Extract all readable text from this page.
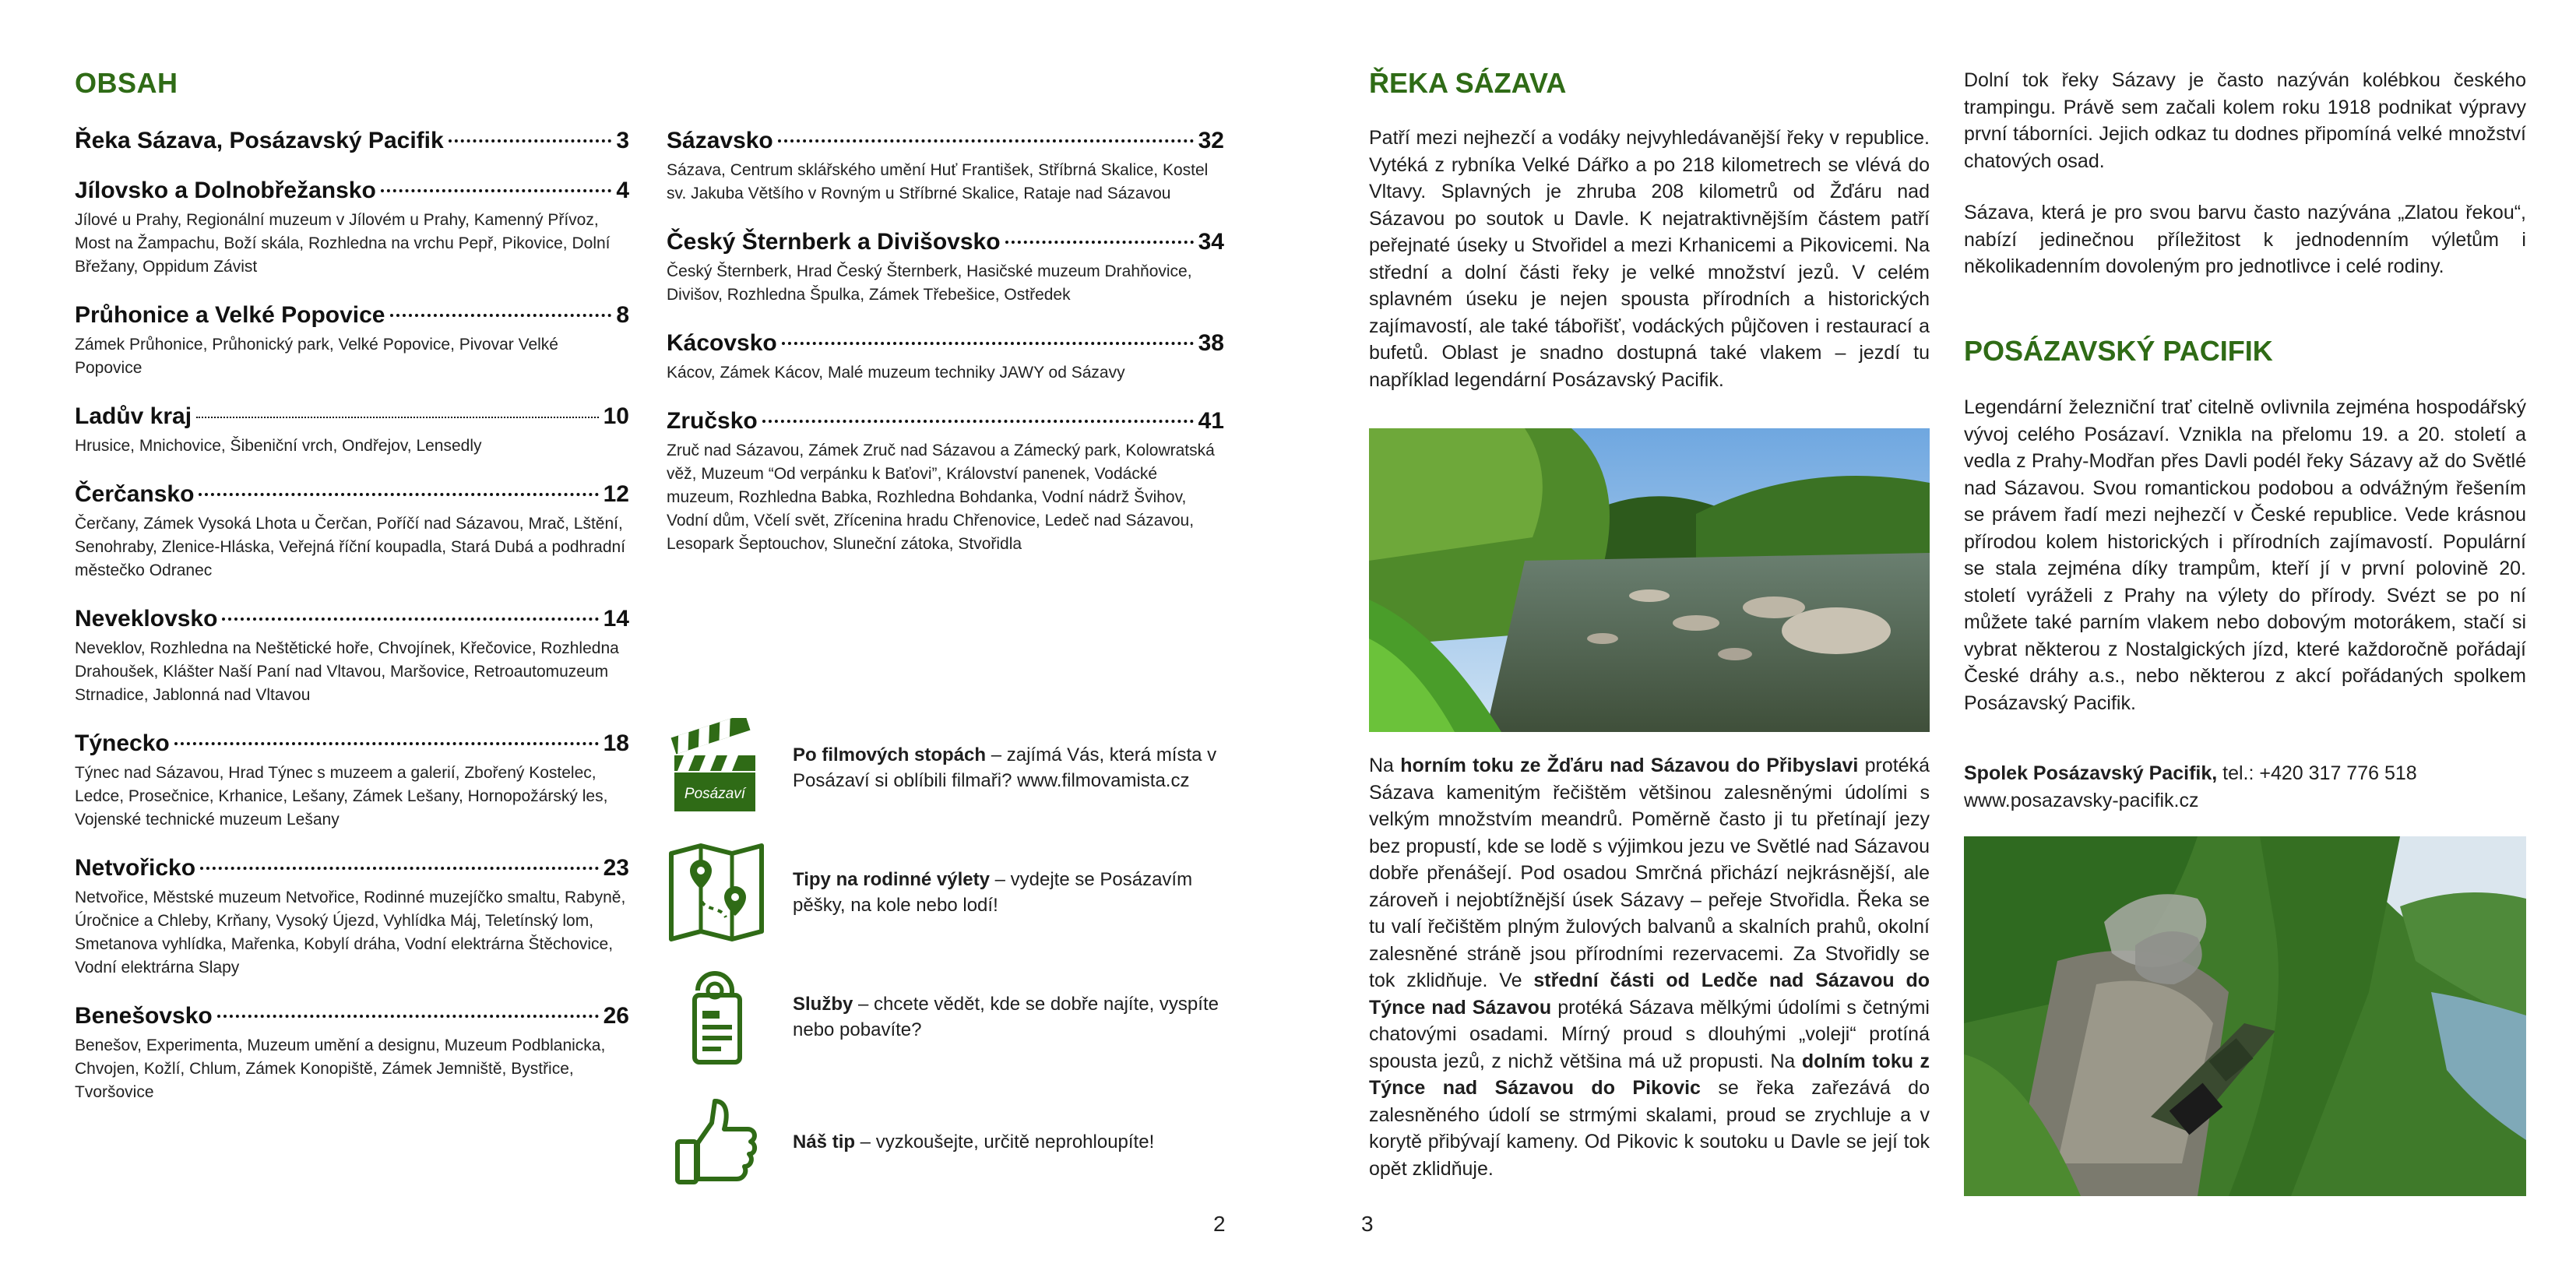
OBSAH
Řeka Sázava, Posázavský Pacifik	3
Jílovsko a Dolnobřežansko	4
Jílové u Prahy, Regionální muzeum v Jílovém u Prahy, Kamenný Přívoz, Most na Žampachu, Boží skála, Rozhledna na vrchu Pepř, Pikovice, Dolní Břežany, Oppidum Závist
Průhonice a Velké Popovice	8
Zámek Průhonice, Průhonický park, Velké Popovice, Pivovar Velké Popovice
Ladův kraj	10
Hrusice, Mnichovice, Šibeniční vrch, Ondřejov, Lensedly
Čerčansko	12
Čerčany, Zámek Vysoká Lhota u Čerčan, Poříčí nad Sázavou, Mrač, Lštění, Senohraby, Zlenice-Hláska, Veřejná říční koupadla, Stará Dubá a podhradní městečko Odranec
Neveklovsko	14
Neveklov, Rozhledna na Neštětické hoře, Chvojínek, Křečovice, Rozhledna Drahoušek, Klášter Naší Paní nad Vltavou, Maršovice, Retroautomuzeum Strnadice, Jablonná nad Vltavou
Týnecko	18
Týnec nad Sázavou, Hrad Týnec s muzeem a galerií, Zbořený Kostelec, Ledce, Prosečnice, Krhanice, Lešany, Zámek Lešany, Hornopožárský les, Vojenské technické muzeum Lešany
Netvořicko	23
Netvořice, Městské muzeum Netvořice, Rodinné muzejíčko smaltu, Rabyně, Úročnice a Chleby, Krňany, Vysoký Újezd, Vyhlídka Máj, Teletínský lom, Smetanova vyhlídka, Mařenka, Kobylí dráha, Vodní elektrárna Štěchovice, Vodní elektrárna Slapy
Benešovsko	26
Benešov, Experimenta, Muzeum umění a designu, Muzeum Podblanicka, Chvojen, Kožlí, Chlum, Zámek Konopiště, Zámek Jemniště, Bystřice, Tvoršovice
Sázavsko	32
Sázava, Centrum sklářského umění Huť František, Stříbrná Skalice, Kostel sv. Jakuba Většího v Rovným u Stříbrné Skalice, Rataje nad Sázavou
Český Šternberk a Divišovsko	34
Český Šternberk, Hrad Český Šternberk, Hasičské muzeum Drahňovice, Divišov, Rozhledna Špulka, Zámek Třebešice, Ostředek
Kácovsko	38
Kácov, Zámek Kácov, Malé muzeum techniky JAWY od Sázavy
Zručsko	41
Zruč nad Sázavou, Zámek Zruč nad Sázavou a Zámecký park, Kolowratská věž, Muzeum “Od verpánku k Baťovi”, Království panenek, Vodácké muzeum, Rozhledna Babka, Rozhledna Bohdanka, Vodní nádrž Švihov, Vodní dům, Včelí svět, Zřícenina hradu Chřenovice, Ledeč nad Sázavou, Lesopark Šeptouchov, Sluneční zátoka, Stvořidla
Posázaví
Po filmových stopách – zajímá Vás, která místa v Posázaví si oblíbili filmaři? www.filmovamista.cz
Tipy na rodinné výlety – vydejte se Posázavím pěšky, na kole nebo lodí!
Služby – chcete vědět, kde se dobře najíte, vyspíte nebo pobavíte?
Náš tip – vyzkoušejte, určitě neprohloupíte!
2
ŘEKA SÁZAVA

Patří mezi nejhezčí a vodáky nejvyhledávanější řeky v republice. Vytéká z rybníka Velké Dářko a po 218 kilometrech se vlévá do Vltavy. Splavných je zhruba 208 kilometrů od Žďáru nad Sázavou po soutok u Davle. K nejatraktivnějším částem patří peřejnaté úseky u Stvořidel a mezi Krhanicemi a Pikovicemi. Na střední a dolní části řeky je velké množství jezů. V celém splavném úseku je nejen spousta přírodních a historických zajímavostí, ale také tábořišť, vodáckých půjčoven i restaurací a bufetů. Oblast je snadno dostupná také vlakem – jezdí tu například legendární Posázavský Pacifik.

Na horním toku ze Žďáru nad Sázavou do Přibyslavi protéká Sázava kamenitým řečištěm většinou zalesněnými údolími s velkým množstvím meandrů. Poměrně často ji tu přetínají jezy bez propustí, kde se lodě s výjimkou jezu ve Světlé nad Sázavou dobře přenášejí. Pod osadou Smrčná přichází nejkrásnější, ale zároveň i nejobtížnější úsek Sázavy – peřeje Stvořidla. Řeka se tu valí řečištěm plným žulových balvanů a skalních prahů, okolní zalesněné stráně jsou přírodními rezervacemi. Za Stvořidly se tok zklidňuje. Ve střední části od Ledče nad Sázavou do Týnce nad Sázavou protéká Sázava mělkými údolími s četnými chatovými osadami. Mírný proud s dlouhými „voleji“ protíná spousta jezů, z nichž většina má už propusti. Na dolním toku z Týnce nad Sázavou do Pikovic se řeka zařezává do zalesněného údolí se strmými skalami, proud se zrychluje a v korytě přibývají kameny. Od Pikovic k soutoku u Davle se její tok opět zklidňuje.

Dolní tok řeky Sázavy je často nazýván kolébkou českého trampingu. Právě sem začali kolem roku 1918 podnikat výpravy první táborníci. Jejich odkaz tu dodnes připomíná velké množství chatových osad.

Sázava, která je pro svou barvu často nazývána „Zlatou řekou“, nabízí jedinečnou příležitost k jednodenním výletům i několikadenním dovoleným pro jednotlivce i celé rodiny.

POSÁZAVSKÝ PACIFIK

Legendární železniční trať citelně ovlivnila zejména hospodářský vývoj celého Posázaví. Vznikla na přelomu 19. a 20. století a vedla z Prahy-Modřan přes Davli podél řeky Sázavy až do Světlé nad Sázavou. Svou romantickou podobou a odvážným řešením se právem řadí mezi nejhezčí v České republice. Vede krásnou přírodou kolem historických i přírodních zajímavostí. Populární se stala zejména díky trampům, kteří jí v první polovině 20. století vyráželi z Prahy na výlety do přírody. Svézt se po ní můžete také parním vlakem nebo dobovým motorákem, stačí si vybrat některou z Nostalgických jízd, které každoročně pořádají České dráhy a.s., nebo některou z akcí pořádaných spolkem Posázavský Pacifik.

Spolek Posázavský Pacifik, tel.: +420 317 776 518
www.posazavsky-pacifik.cz
3
